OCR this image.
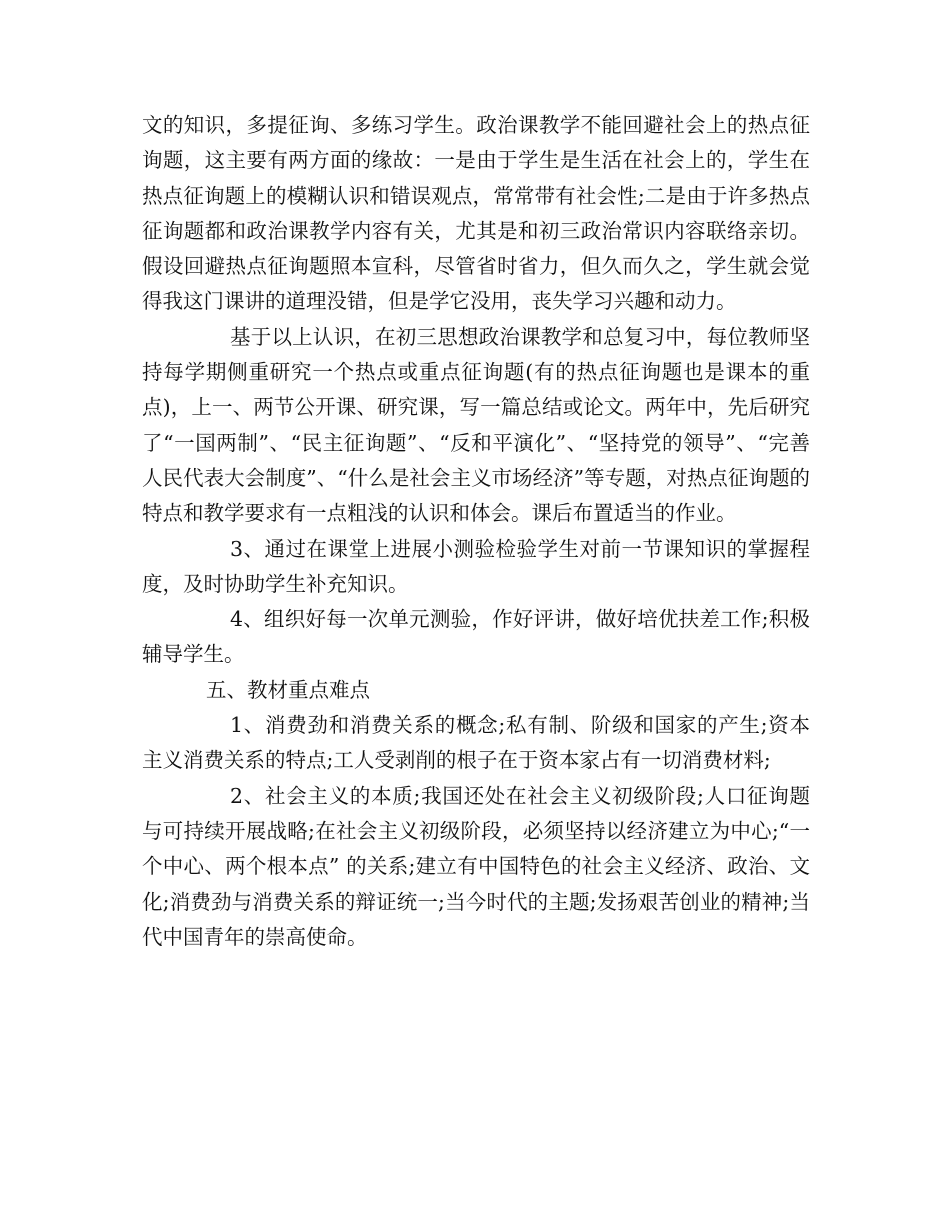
文的知识，多提征询、多练习学生。政治课教学不能回避社会上的热点征询题，这主要有两方面的缘故：一是由于学生是生活在社会上的，学生在热点征询题上的模糊认识和错误观点，常常带有社会性;二是由于许多热点征询题都和政治课教学内容有关，尤其是和初三政治常识内容联络亲切。假设回避热点征询题照本宣科，尽管省时省力，但久而久之，学生就会觉得我这门课讲的道理没错，但是学它没用，丧失学习兴趣和动力。

基于以上认识，在初三思想政治课教学和总复习中，每位教师坚持每学期侧重研究一个热点或重点征询题(有的热点征询题也是课本的重点)，上一、两节公开课、研究课，写一篇总结或论文。两年中，先后研究了“一国两制”、“民主征询题”、“反和平演化”、“坚持党的领导”、“完善人民代表大会制度”、“什么是社会主义市场经济”等专题，对热点征询题的特点和教学要求有一点粗浅的认识和体会。课后布置适当的作业。

3、通过在课堂上进展小测验检验学生对前一节课知识的掌握程度，及时协助学生补充知识。

4、组织好每一次单元测验，作好评讲，做好培优扶差工作;积极辅导学生。

五、教材重点难点

1、消费劲和消费关系的概念;私有制、阶级和国家的产生;资本主义消费关系的特点;工人受剥削的根子在于资本家占有一切消费材料;

2、社会主义的本质;我国还处在社会主义初级阶段;人口征询题与可持续开展战略;在社会主义初级阶段，必须坚持以经济建立为中心;“一个中心、两个根本点” 的关系;建立有中国特色的社会主义经济、政治、文化;消费劲与消费关系的辩证统一;当今时代的主题;发扬艰苦创业的精神;当代中国青年的崇高使命。
